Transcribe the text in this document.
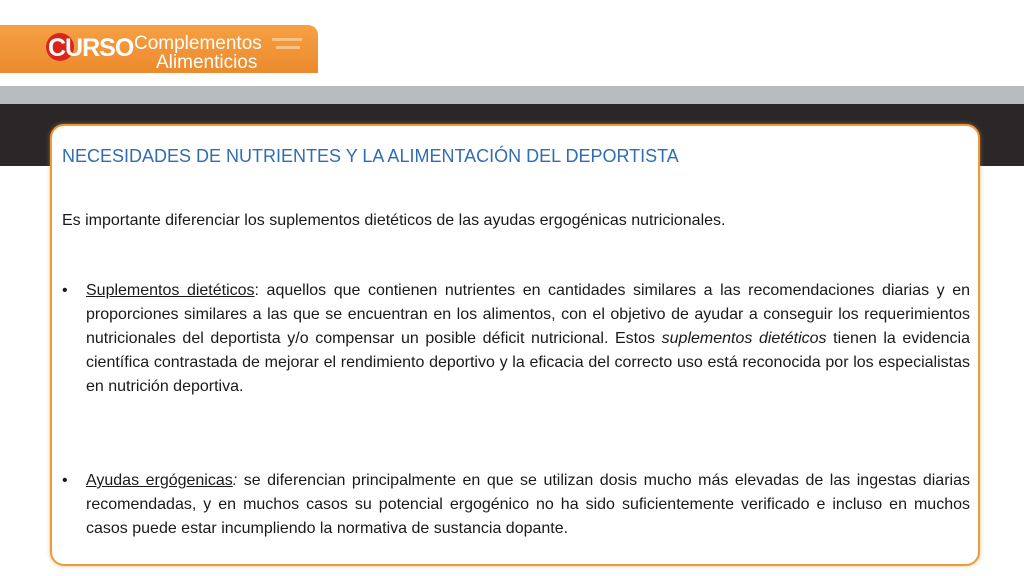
CURSO Complementos
Alimenticios
NECESIDADES DE NUTRIENTES Y LA ALIMENTACIÓN DEL DEPORTISTA
Es importante diferenciar los suplementos dietéticos de las ayudas ergogénicas nutricionales.
• Suplementos dietéticos: aquellos que contienen nutrientes en cantidades similares a las recomendaciones diarias y en proporciones similares a las que se encuentran en los alimentos, con el objetivo de ayudar a conseguir los requerimientos nutricionales del deportista y/o compensar un posible déficit nutricional. Estos suplementos dietéticos tienen la evidencia científica contrastada de mejorar el rendimiento deportivo y la eficacia del correcto uso está reconocida por los especialistas en nutrición deportiva.

• Ayudas ergógenicas: se diferencian principalmente en que se utilizan dosis mucho más elevadas de las ingestas diarias recomendadas, y en muchos casos su potencial ergogénico no ha sido suficientemente verificado e incluso en muchos casos puede estar incumpliendo la normativa de sustancia dopante.
